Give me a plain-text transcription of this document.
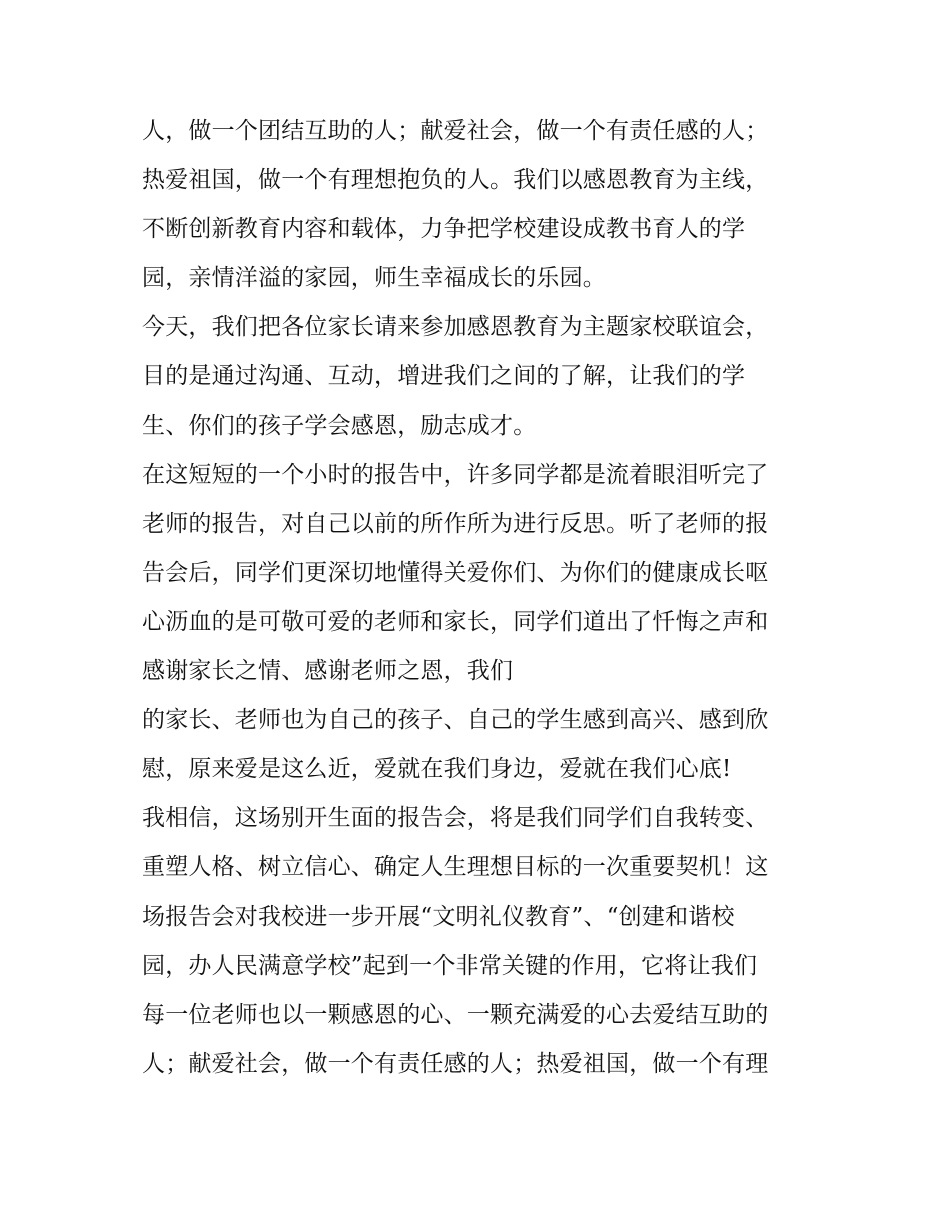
人，做一个团结互助的人；献爱社会，做一个有责任感的人；
热爱祖国，做一个有理想抱负的人。我们以感恩教育为主线，
不断创新教育内容和载体，力争把学校建设成教书育人的学
园，亲情洋溢的家园，师生幸福成长的乐园。
今天，我们把各位家长请来参加感恩教育为主题家校联谊会，
目的是通过沟通、互动，增进我们之间的了解，让我们的学
生、你们的孩子学会感恩，励志成才。
在这短短的一个小时的报告中，许多同学都是流着眼泪听完了
老师的报告，对自己以前的所作所为进行反思。听了老师的报
告会后，同学们更深切地懂得关爱你们、为你们的健康成长呕
心沥血的是可敬可爱的老师和家长，同学们道出了忏悔之声和
感谢家长之情、感谢老师之恩，我们
的家长、老师也为自己的孩子、自己的学生感到高兴、感到欣
慰，原来爱是这么近，爱就在我们身边，爱就在我们心底!
我相信，这场别开生面的报告会，将是我们同学们自我转变、
重塑人格、树立信心、确定人生理想目标的一次重要契机！这
场报告会对我校进一步开展“文明礼仪教育”、“创建和谐校
园，办人民满意学校”起到一个非常关键的作用，它将让我们
每一位老师也以一颗感恩的心、一颗充满爱的心去爱结互助的
人；献爱社会，做一个有责任感的人；热爱祖国，做一个有理
